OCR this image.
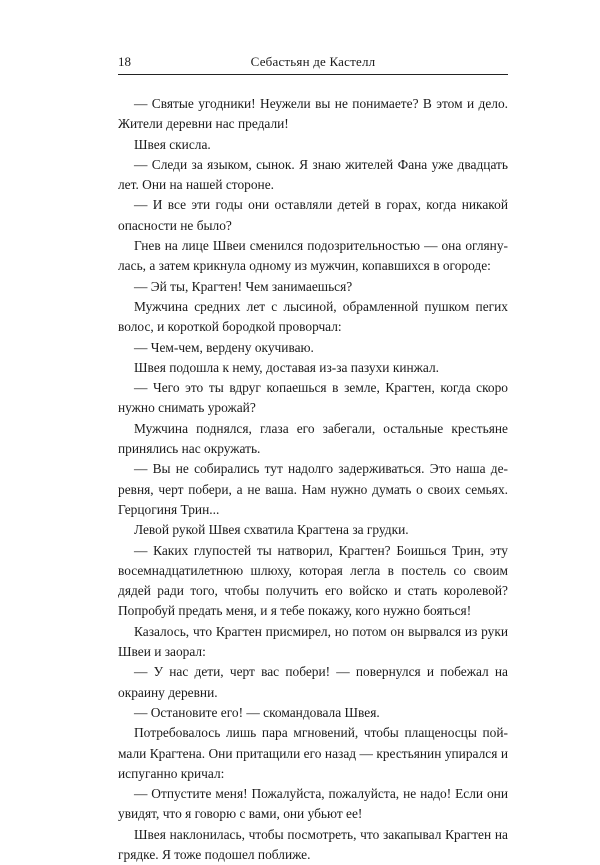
18	Себастьян де Кастелл

— Святые угодники! Неужели вы не понимаете? В этом и дело. Жители деревни нас предали!

Швея скисла.

— Следи за языком, сынок. Я знаю жителей Фана уже двадцать лет. Они на нашей стороне.

— И все эти годы они оставляли детей в горах, когда никакой опасности не было?

Гнев на лице Швеи сменился подозрительностью — она оглянулась, а затем крикнула одному из мужчин, копавшихся в огороде:

— Эй ты, Крагтен! Чем занимаешься?

Мужчина средних лет с лысиной, обрамленной пушком пегих волос, и короткой бородкой проворчал:

— Чем-чем, вердену окучиваю.

Швея подошла к нему, доставая из-за пазухи кинжал.

— Чего это ты вдруг копаешься в земле, Крагтен, когда скоро нужно снимать урожай?

Мужчина поднялся, глаза его забегали, остальные крестьяне принялись нас окружать.

— Вы не собирались тут надолго задерживаться. Это наша деревня, черт побери, а не ваша. Нам нужно думать о своих семьях. Герцогиня Трин...

Левой рукой Швея схватила Крагтена за грудки.

— Каких глупостей ты натворил, Крагтен? Боишься Трин, эту восемнадцатилетнюю шлюху, которая легла в постель со своим дядей ради того, чтобы получить его войско и стать королевой? Попробуй предать меня, и я тебе покажу, кого нужно бояться!

Казалось, что Крагтен присмирел, но потом он вырвался из руки Швеи и заорал:

— У нас дети, черт вас побери! — повернулся и побежал на окраину деревни.

— Остановите его! — скомандовала Швея.

Потребовалось лишь пара мгновений, чтобы плащеносцы поймали Крагтена. Они притащили его назад — крестьянин упирался и испуганно кричал:

— Отпустите меня! Пожалуйста, пожалуйста, не надо! Если они увидят, что я говорю с вами, они убьют ее!

Швея наклонилась, чтобы посмотреть, что закапывал Крагтен на грядке. Я тоже подошел поближе.
